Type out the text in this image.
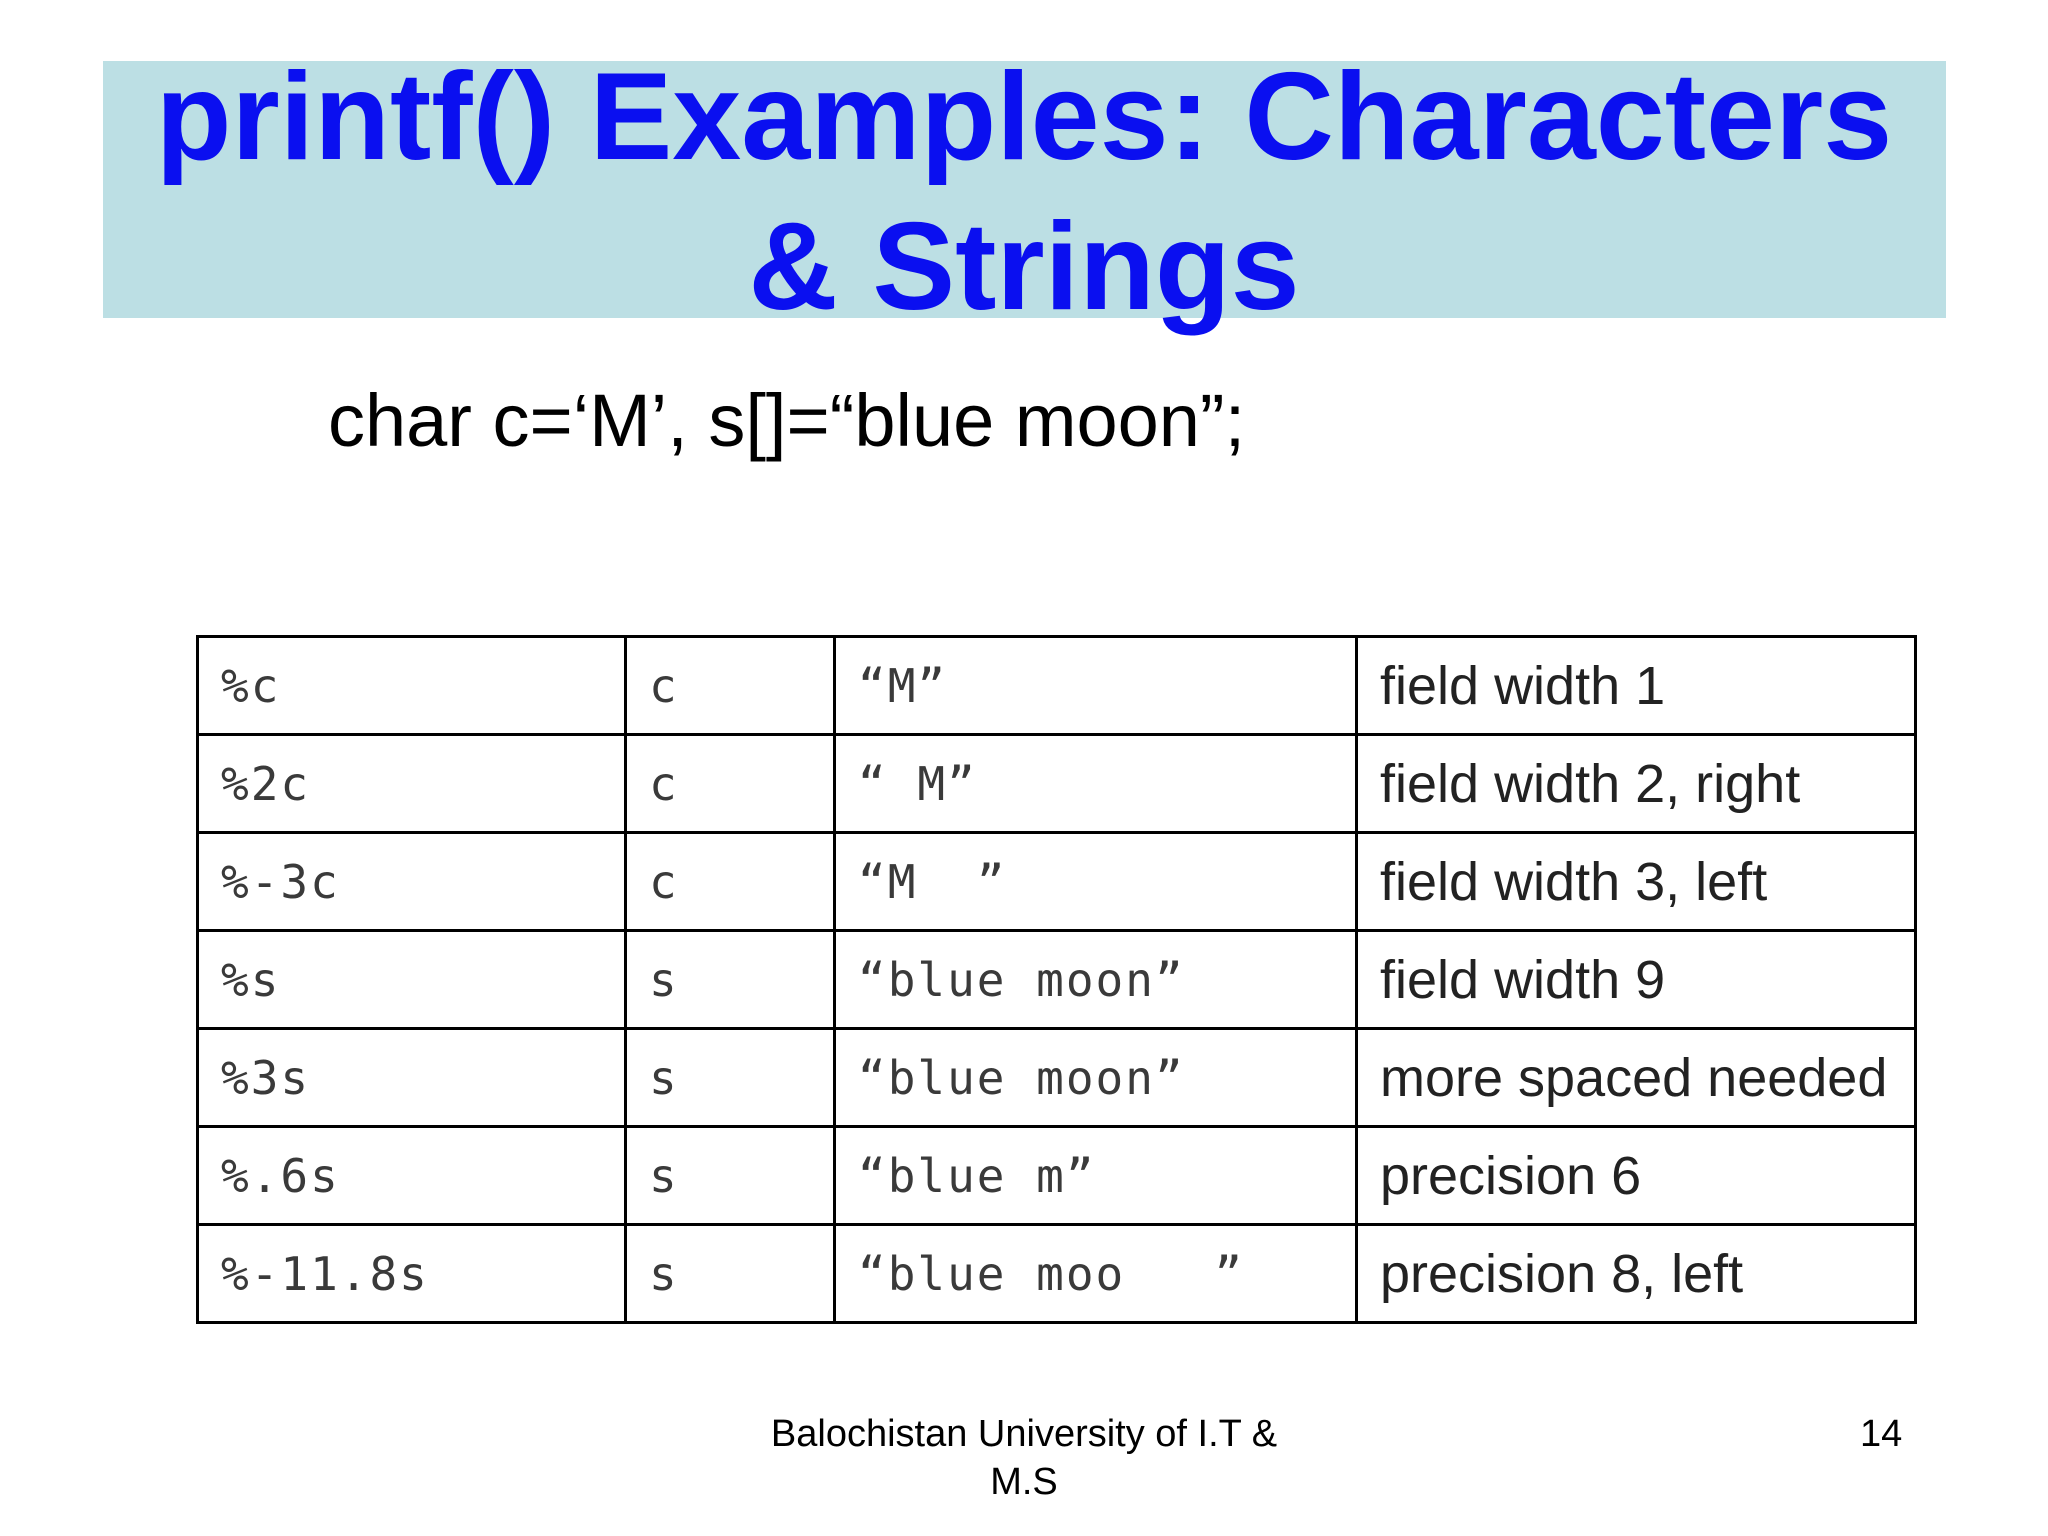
printf() Examples: Characters
& Strings
char c=‘M’, s[]=“blue moon”;
%c	c	“M”	field width 1
%2c	c	“ M”	field width 2, right
%-3c	c	“M  ”	field width 3, left
%s	s	“blue moon”	field width 9
%3s	s	“blue moon”	more spaced needed
%.6s	s	“blue m”	precision 6
%-11.8s	s	“blue moo   ”	precision 8, left
Balochistan University of I.T &
M.S
14
